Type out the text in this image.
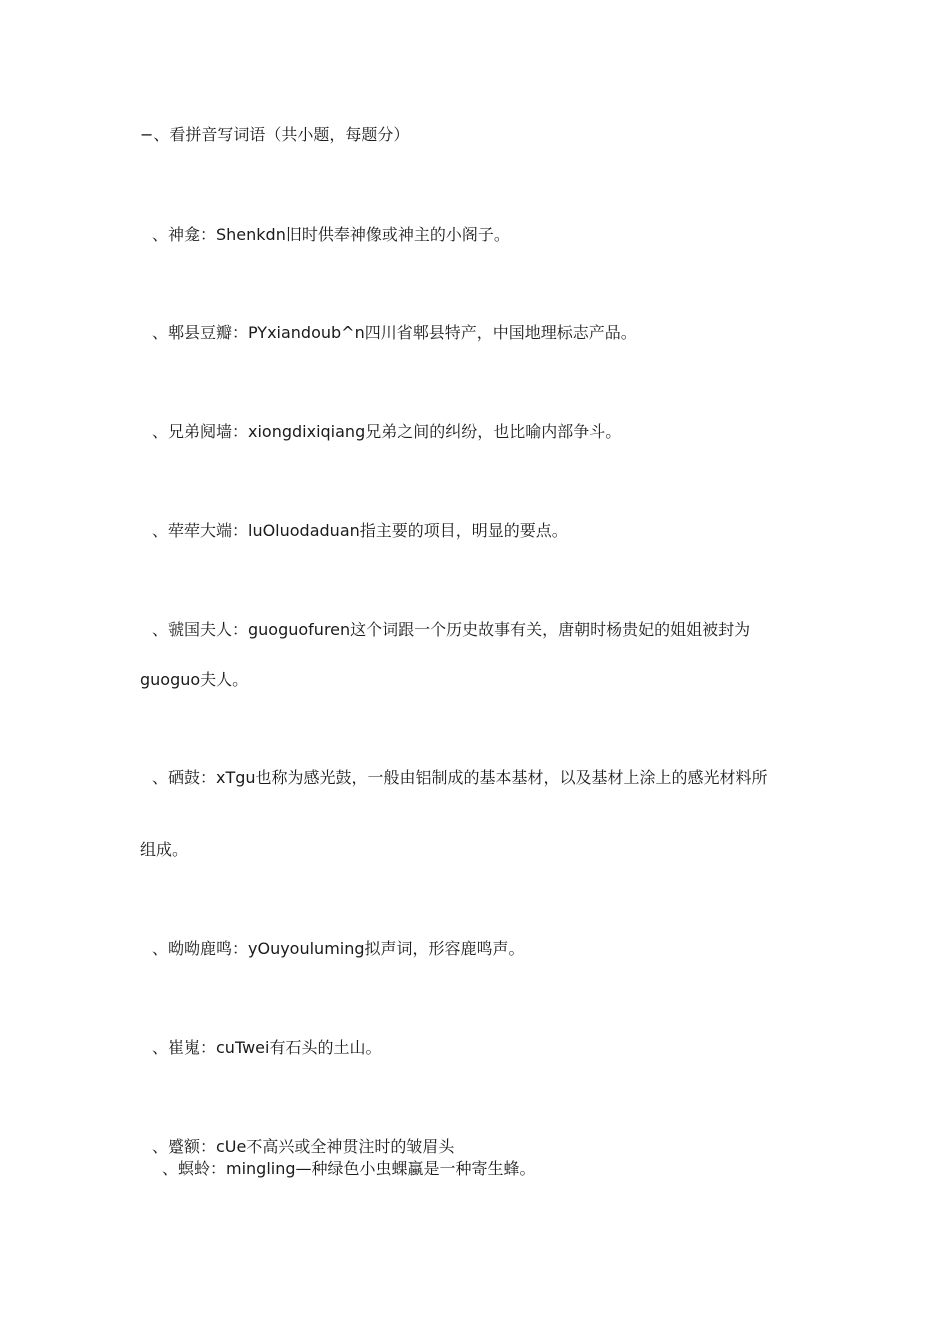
−、看拼音写词语（共小题，每题分）
、神龛：Shenkdn旧时供奉神像或神主的小阁子。
、郫县豆瓣：PYxiandoub^n四川省郫县特产，中国地理标志产品。
、兄弟阋墙：xiongdixiqiang兄弟之间的纠纷，也比喻内部争斗。
、荦荦大端：luOluodaduan指主要的项目，明显的要点。
、虢国夫人：guoguofuren这个词跟一个历史故事有关，唐朝时杨贵妃的姐姐被封为
guoguo夫人。
、硒鼓：xTgu也称为感光鼓，一般由铝制成的基本基材，以及基材上涂上的感光材料所
组成。
、呦呦鹿鸣：yOuyouluming拟声词，形容鹿鸣声。
、崔嵬：cuTwei有石头的土山。
、蹙额：cUe不高兴或全神贯注时的皱眉头
、螟蛉：mingling—种绿色小虫蜾蠃是一种寄生蜂。
